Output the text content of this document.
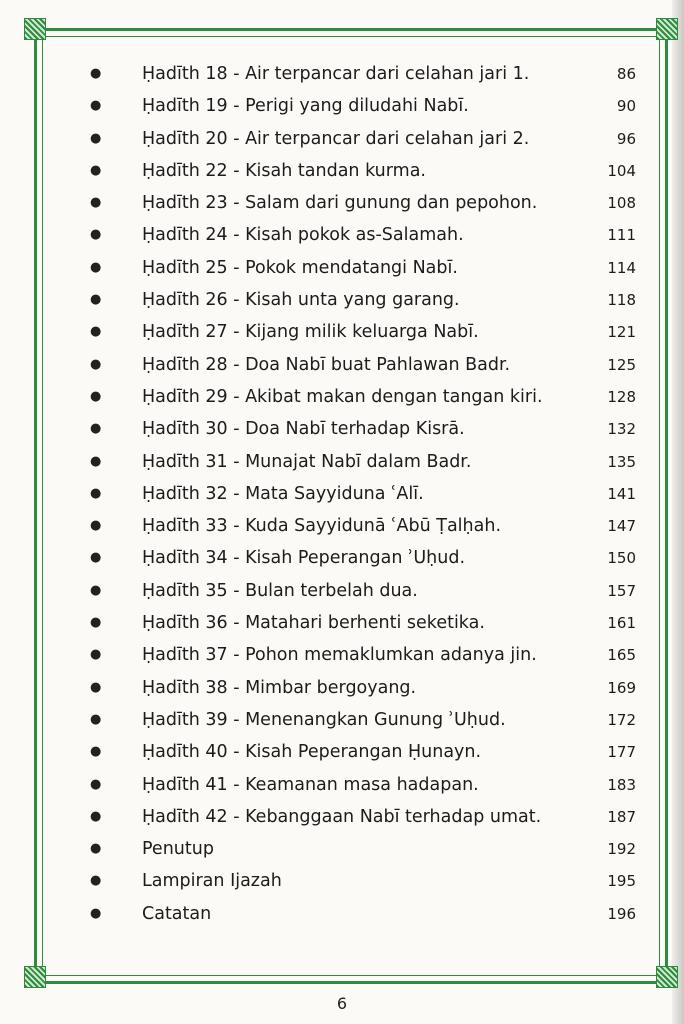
● Ḥadīth 18 - Air terpancar dari celahan jari 1.	86
● Ḥadīth 19 - Perigi yang diludahi Nabī.	90
● Ḥadīth 20 - Air terpancar dari celahan jari 2.	96
● Ḥadīth 22 - Kisah tandan kurma.	104
● Ḥadīth 23 - Salam dari gunung dan pepohon.	108
● Ḥadīth 24 - Kisah pokok as-Salamah.	111
● Ḥadīth 25 - Pokok mendatangi Nabī.	114
● Ḥadīth 26 - Kisah unta yang garang.	118
● Ḥadīth 27 - Kijang milik keluarga Nabī.	121
● Ḥadīth 28 - Doa Nabī buat Pahlawan Badr.	125
● Ḥadīth 29 - Akibat makan dengan tangan kiri.	128
● Ḥadīth 30 - Doa Nabī terhadap Kisrā.	132
● Ḥadīth 31 - Munajat Nabī dalam Badr.	135
● Ḥadīth 32 - Mata Sayyiduna ʿAlī.	141
● Ḥadīth 33 - Kuda Sayyidunā ʿAbū Ṭalḥah.	147
● Ḥadīth 34 - Kisah Peperangan ʾUḥud.	150
● Ḥadīth 35 - Bulan terbelah dua.	157
● Ḥadīth 36 - Matahari berhenti seketika.	161
● Ḥadīth 37 - Pohon memaklumkan adanya jin.	165
● Ḥadīth 38 - Mimbar bergoyang.	169
● Ḥadīth 39 - Menenangkan Gunung ʾUḥud.	172
● Ḥadīth 40 - Kisah Peperangan Ḥunayn.	177
● Ḥadīth 41 - Keamanan masa hadapan.	183
● Ḥadīth 42 - Kebanggaan Nabī terhadap umat.	187
● Penutup	192
● Lampiran Ijazah	195
● Catatan	196
6
